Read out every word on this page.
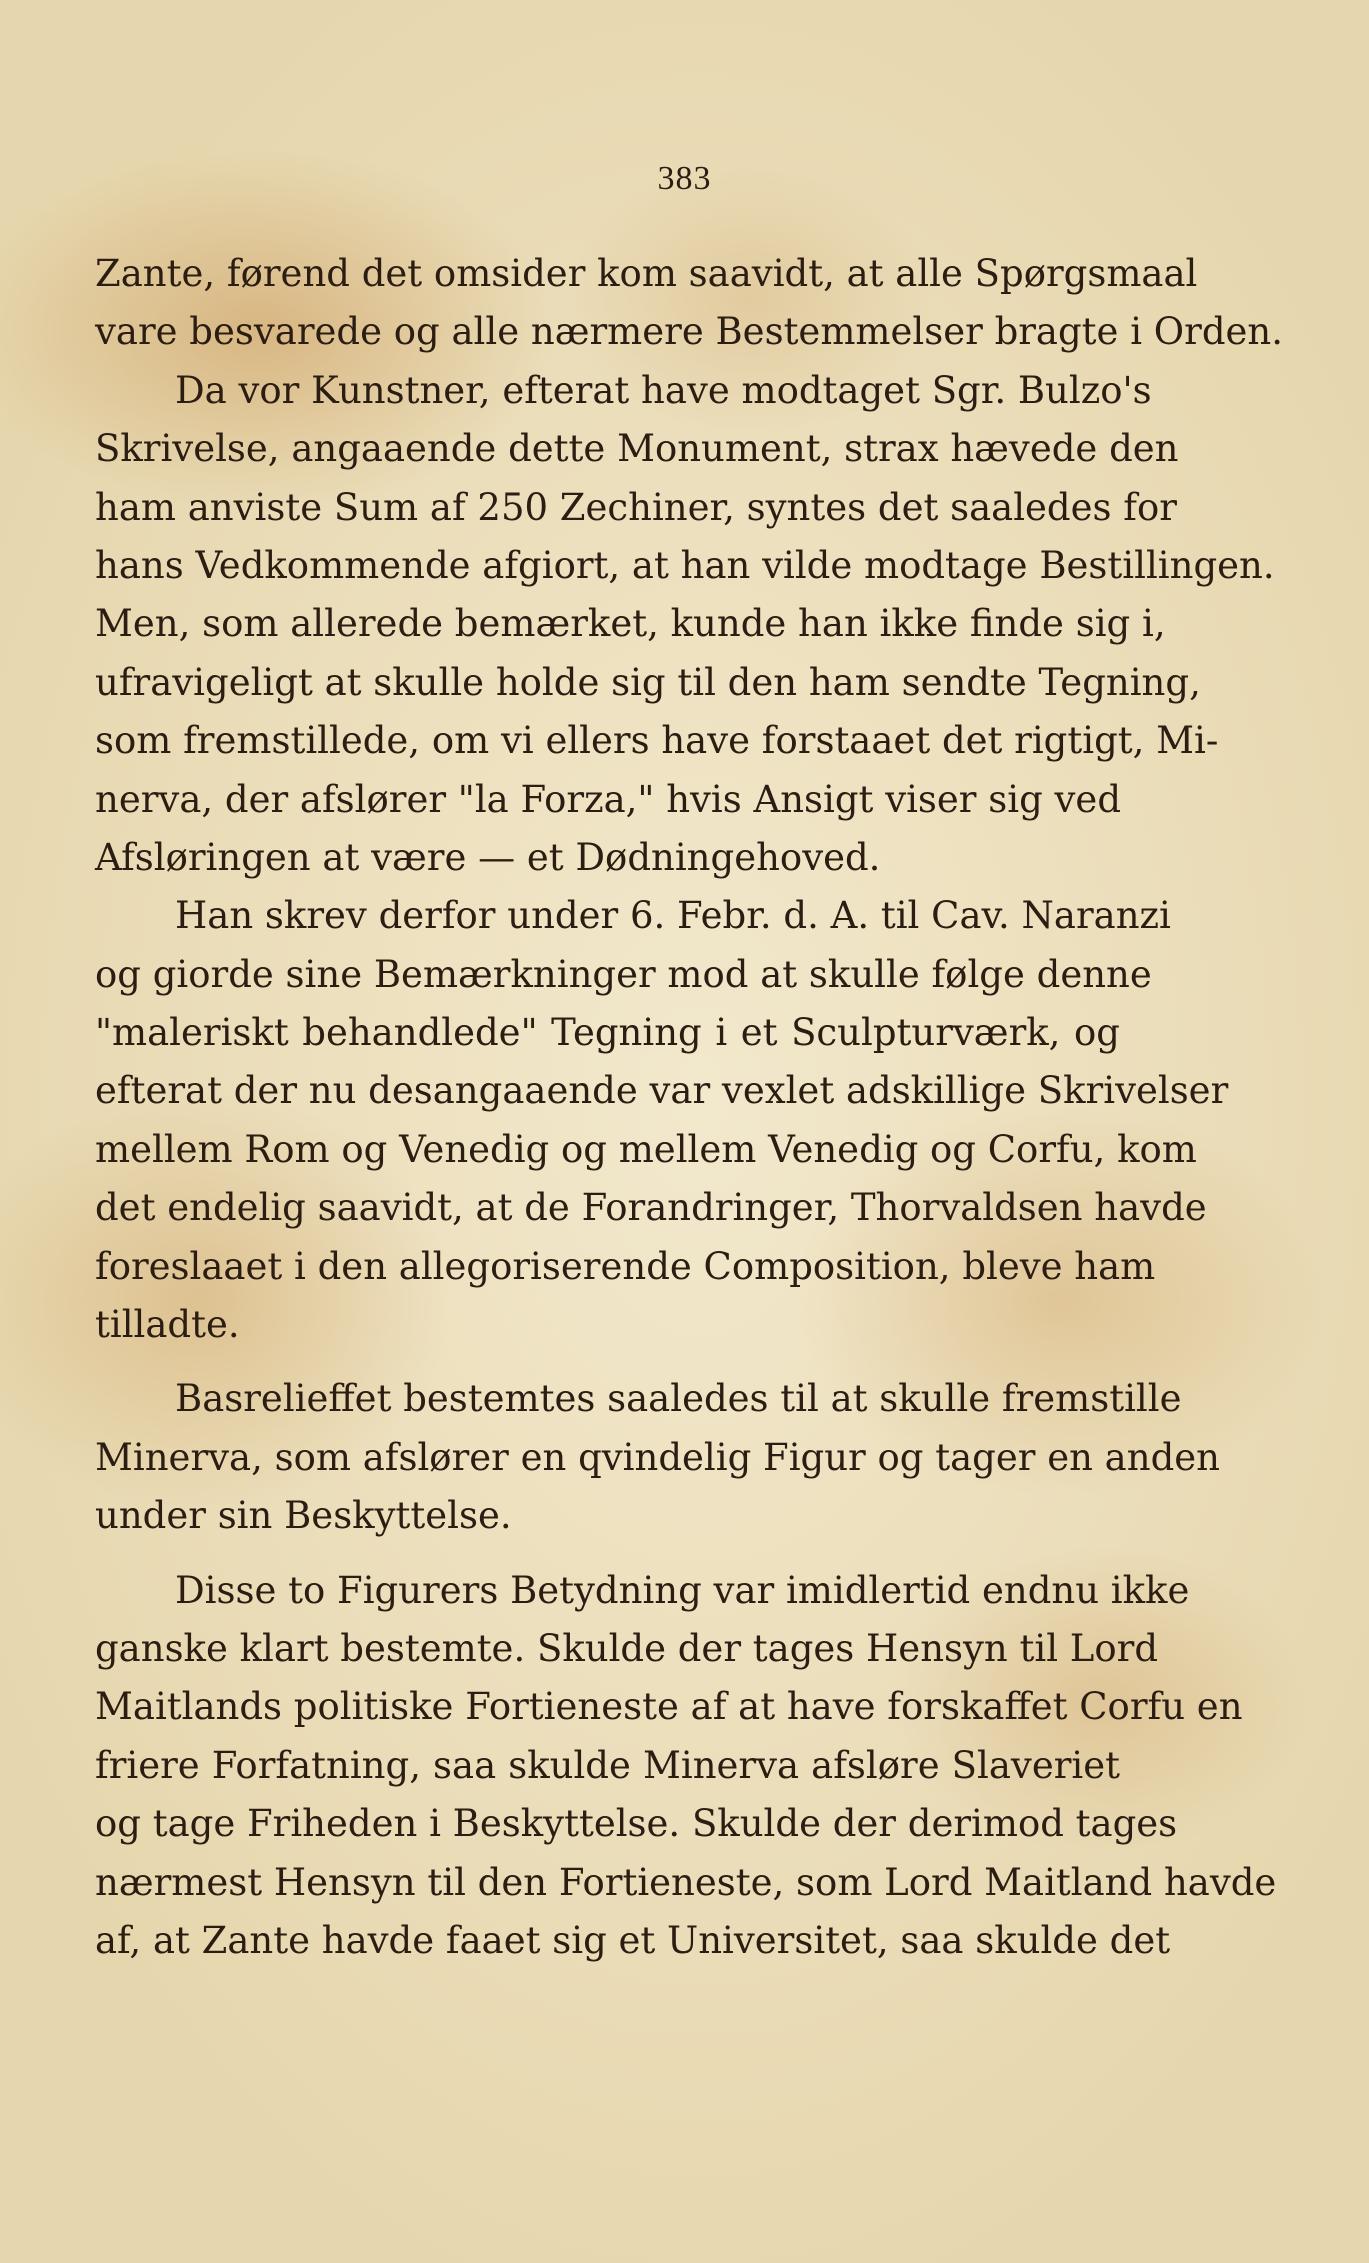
383
Zante, førend det omsider kom saavidt, at alle Spørgsmaal
vare besvarede og alle nærmere Bestemmelser bragte i Orden.
Da vor Kunstner, efterat have modtaget Sgr. Bulzo's
Skrivelse, angaaende dette Monument, strax hævede den
ham anviste Sum af 250 Zechiner, syntes det saaledes for
hans Vedkommende afgiort, at han vilde modtage Bestillingen.
Men, som allerede bemærket, kunde han ikke finde sig i,
ufravigeligt at skulle holde sig til den ham sendte Tegning,
som fremstillede, om vi ellers have forstaaet det rigtigt, Mi-
nerva, der afslører "la Forza," hvis Ansigt viser sig ved
Afsløringen at være — et Dødningehoved.
Han skrev derfor under 6. Febr. d. A. til Cav. Naranzi
og giorde sine Bemærkninger mod at skulle følge denne
"maleriskt behandlede" Tegning i et Sculpturværk, og
efterat der nu desangaaende var vexlet adskillige Skrivelser
mellem Rom og Venedig og mellem Venedig og Corfu, kom
det endelig saavidt, at de Forandringer, Thorvaldsen havde
foreslaaet i den allegoriserende Composition, bleve ham
tilladte.
Basrelieffet bestemtes saaledes til at skulle fremstille
Minerva, som afslører en qvindelig Figur og tager en anden
under sin Beskyttelse.
Disse to Figurers Betydning var imidlertid endnu ikke
ganske klart bestemte. Skulde der tages Hensyn til Lord
Maitlands politiske Fortieneste af at have forskaffet Corfu en
friere Forfatning, saa skulde Minerva afsløre Slaveriet
og tage Friheden i Beskyttelse. Skulde der derimod tages
nærmest Hensyn til den Fortieneste, som Lord Maitland havde
af, at Zante havde faaet sig et Universitet, saa skulde det
